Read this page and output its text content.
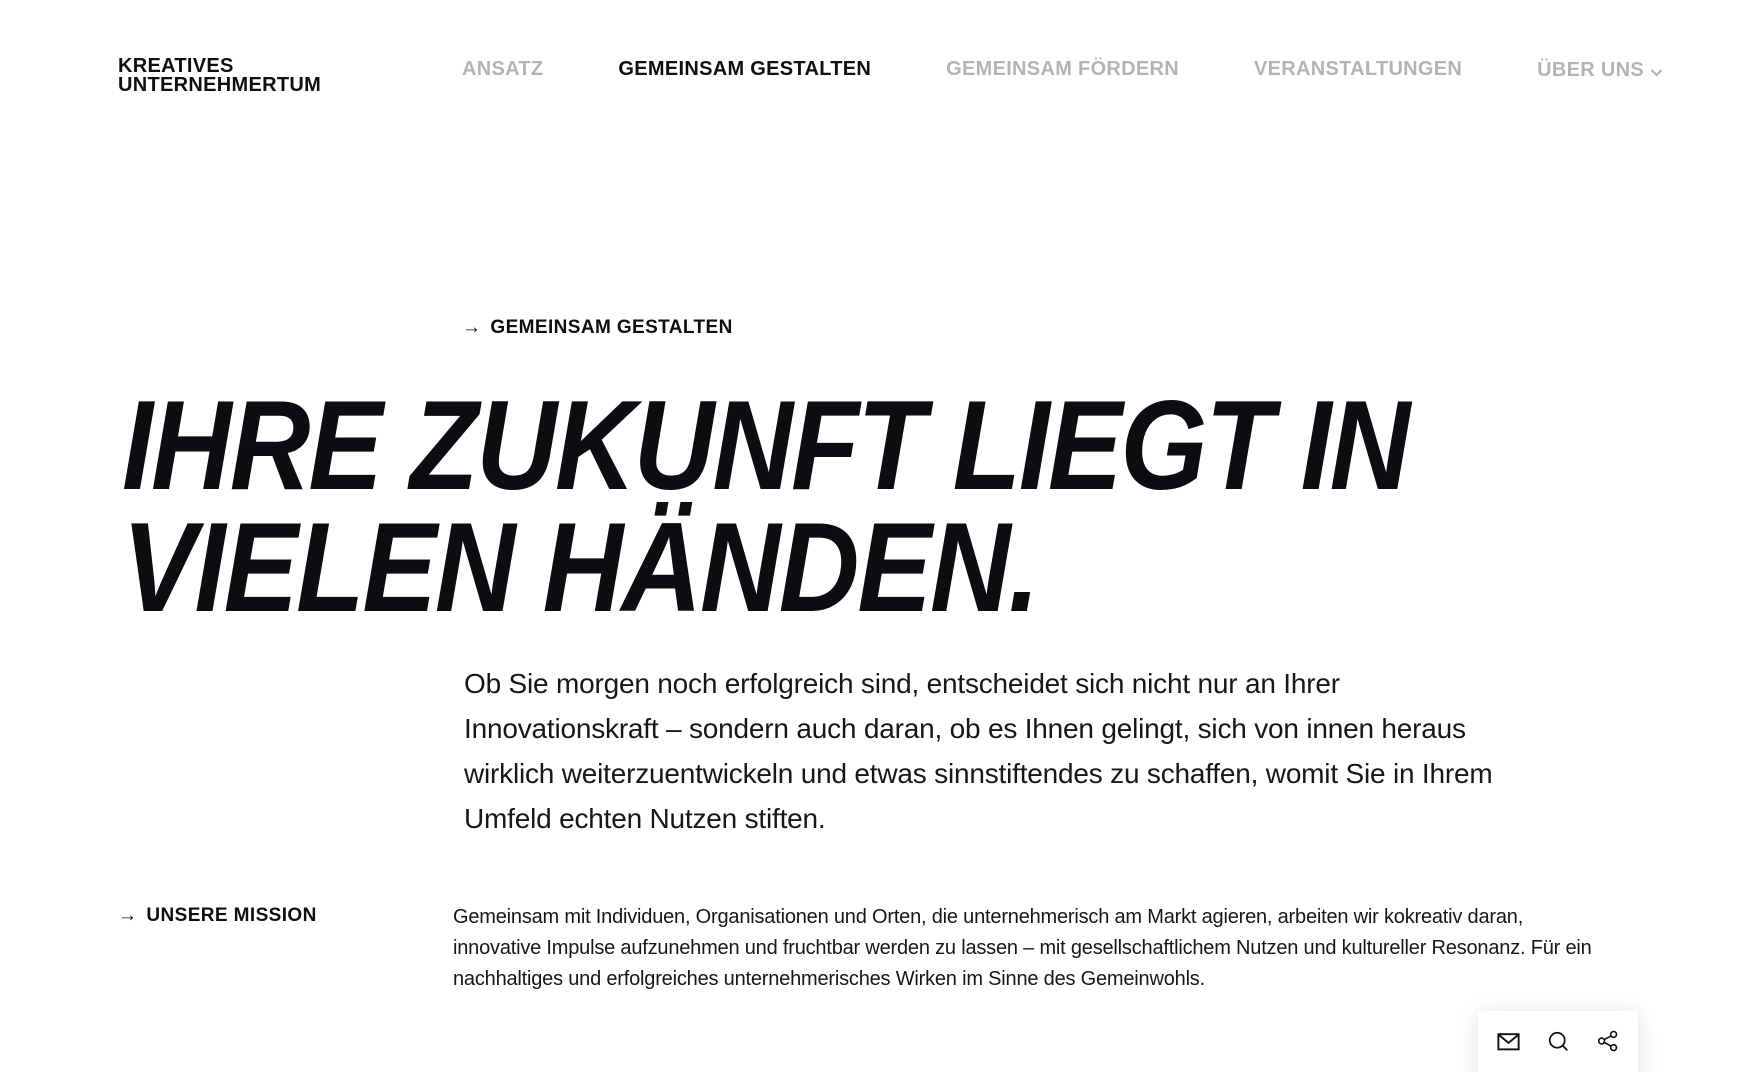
KREATIVES
UNTERNEHMERTUM
ANSATZ	GEMEINSAM GESTALTEN	GEMEINSAM FÖRDERN	VERANSTALTUNGEN	ÜBER UNS
→ GEMEINSAM GESTALTEN
IHRE ZUKUNFT LIEGT IN
VIELEN HÄNDEN.
Ob Sie morgen noch erfolgreich sind, entscheidet sich nicht nur an Ihrer
Innovationskraft – sondern auch daran, ob es Ihnen gelingt, sich von innen heraus
wirklich weiterzuentwickeln und etwas sinnstiftendes zu schaffen, womit Sie in Ihrem
Umfeld echten Nutzen stiften.
→ UNSERE MISSION	Gemeinsam mit Individuen, Organisationen und Orten, die unternehmerisch am Markt agieren, arbeiten wir kokreativ daran,
innovative Impulse aufzunehmen und fruchtbar werden zu lassen – mit gesellschaftlichem Nutzen und kultureller Resonanz. Für ein
nachhaltiges und erfolgreiches unternehmerisches Wirken im Sinne des Gemeinwohls.
